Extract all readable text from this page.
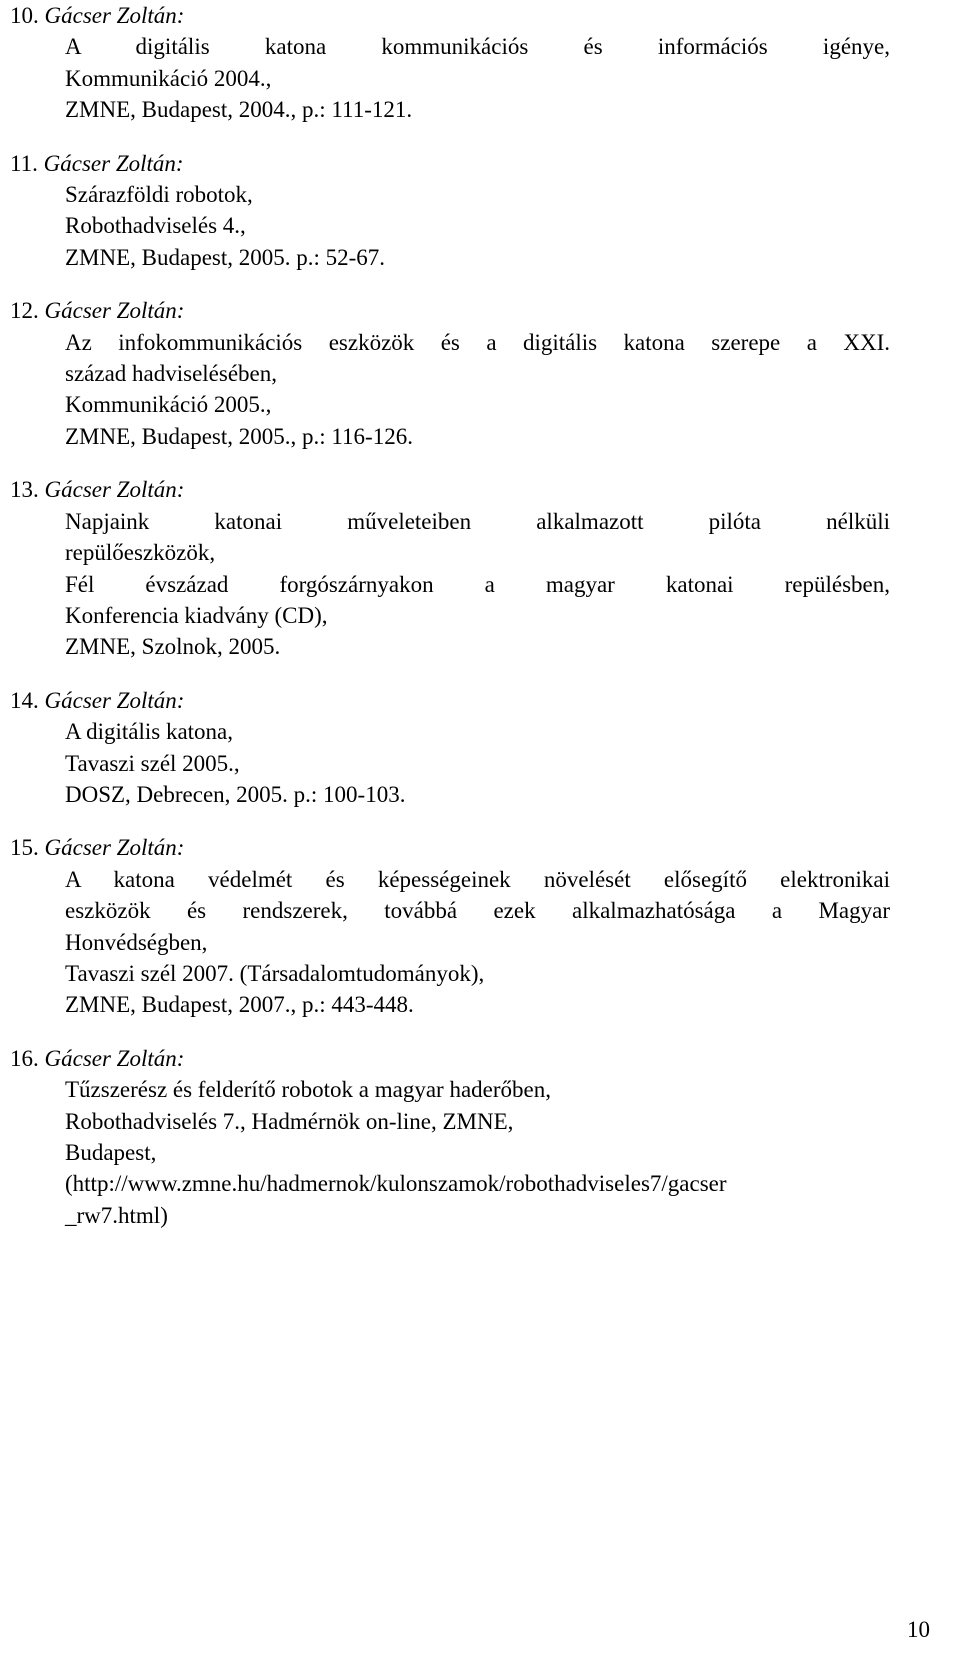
10. Gácser Zoltán:
A digitális katona kommunikációs és információs igénye,
Kommunikáció 2004.,
ZMNE, Budapest, 2004., p.: 111-121.
11. Gácser Zoltán:
Szárazföldi robotok,
Robothadviselés 4.,
ZMNE, Budapest, 2005. p.: 52-67.
12. Gácser Zoltán:
Az infokommunikációs eszközök és a digitális katona szerepe a XXI.
század hadviselésében,
Kommunikáció 2005.,
ZMNE, Budapest, 2005., p.: 116-126.
13. Gácser Zoltán:
Napjaink katonai műveleteiben alkalmazott pilóta nélküli
repülőeszközök,
Fél évszázad forgószárnyakon a magyar katonai repülésben,
Konferencia kiadvány (CD),
ZMNE, Szolnok, 2005.
14. Gácser Zoltán:
A digitális katona,
Tavaszi szél 2005.,
DOSZ, Debrecen, 2005. p.: 100-103.
15. Gácser Zoltán:
A katona védelmét és képességeinek növelését elősegítő elektronikai
eszközök és rendszerek, továbbá ezek alkalmazhatósága a Magyar
Honvédségben,
Tavaszi szél 2007. (Társadalomtudományok),
ZMNE, Budapest, 2007., p.: 443-448.
16. Gácser Zoltán:
Tűzszerész és felderítő robotok a magyar haderőben,
Robothadviselés 7., Hadmérnök on-line, ZMNE,
Budapest,
(http://www.zmne.hu/hadmernok/kulonszamok/robothadviseles7/gacser
_rw7.html)
10
